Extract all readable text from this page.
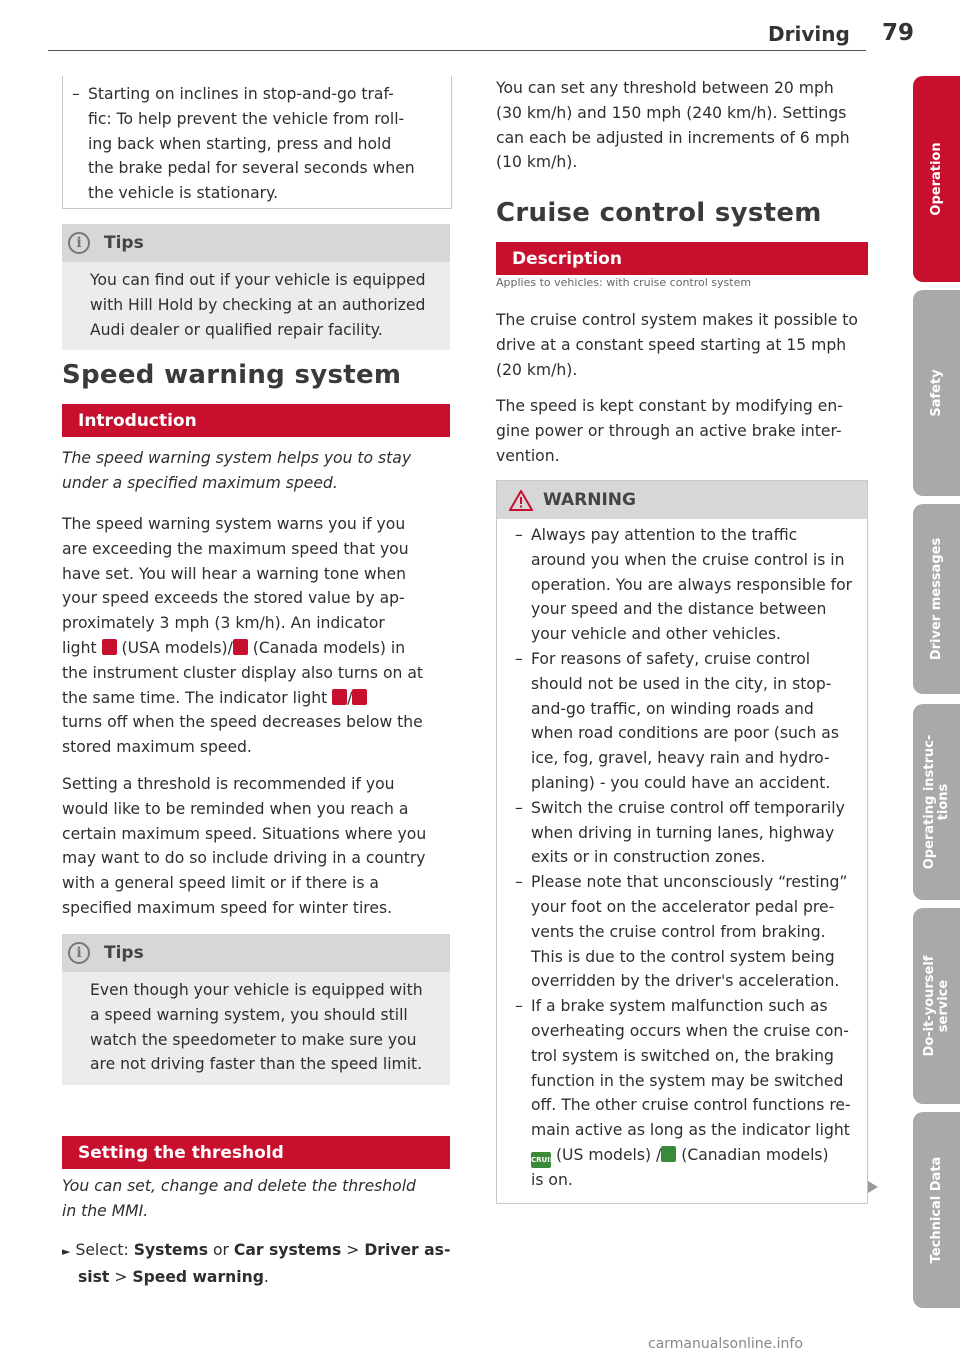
Driving 79
– Starting on inclines in stop-and-go traf-
fic: To help prevent the vehicle from roll-
ing back when starting, press and hold
the brake pedal for several seconds when
the vehicle is stationary.
i	Tips
You can find out if your vehicle is equipped
with Hill Hold by checking at an authorized
Audi dealer or qualified repair facility.
Speed warning system
Introduction
The speed warning system helps you to stay
under a specified maximum speed.
The speed warning system warns you if you
are exceeding the maximum speed that you
have set. You will hear a warning tone when
your speed exceeds the stored value by ap-
proximately 3 mph (3 km/h). An indicator
light (USA models)/ (Canada models) in
the instrument cluster display also turns on at
the same time. The indicator light /
turns off when the speed decreases below the
stored maximum speed.
Setting a threshold is recommended if you
would like to be reminded when you reach a
certain maximum speed. Situations where you
may want to do so include driving in a country
with a general speed limit or if there is a
specified maximum speed for winter tires.
i	Tips
Even though your vehicle is equipped with
a speed warning system, you should still
watch the speedometer to make sure you
are not driving faster than the speed limit.
Setting the threshold
You can set, change and delete the threshold
in the MMI.
► Select: Systems or Car systems > Driver as-
sist > Speed warning.
You can set any threshold between 20 mph
(30 km/h) and 150 mph (240 km/h). Settings
can each be adjusted in increments of 6 mph
(10 km/h).
Cruise control system
Description
Applies to vehicles: with cruise control system
The cruise control system makes it possible to
drive at a constant speed starting at 15 mph
(20 km/h).
The speed is kept constant by modifying en-
gine power or through an active brake inter-
vention.
WARNING
– Always pay attention to the traffic
around you when the cruise control is in
operation. You are always responsible for
your speed and the distance between
your vehicle and other vehicles.
– For reasons of safety, cruise control
should not be used in the city, in stop-
and-go traffic, on winding roads and
when road conditions are poor (such as
ice, fog, gravel, heavy rain and hydro-
planing) - you could have an accident.
– Switch the cruise control off temporarily
when driving in turning lanes, highway
exits or in construction zones.
– Please note that unconsciously “resting”
your foot on the accelerator pedal pre-
vents the cruise control from braking.
This is due to the control system being
overridden by the driver's acceleration.
– If a brake system malfunction such as
overheating occurs when the cruise con-
trol system is switched on, the braking
function in the system may be switched
off. The other cruise control functions re-
main active as long as the indicator light
CRUISE (US models) / (Canadian models)
is on.
Operation
Safety
Driver messages
Operating instruc-
tions
Do-it-yourself
service
Technical Data
carmanualsonline.info
